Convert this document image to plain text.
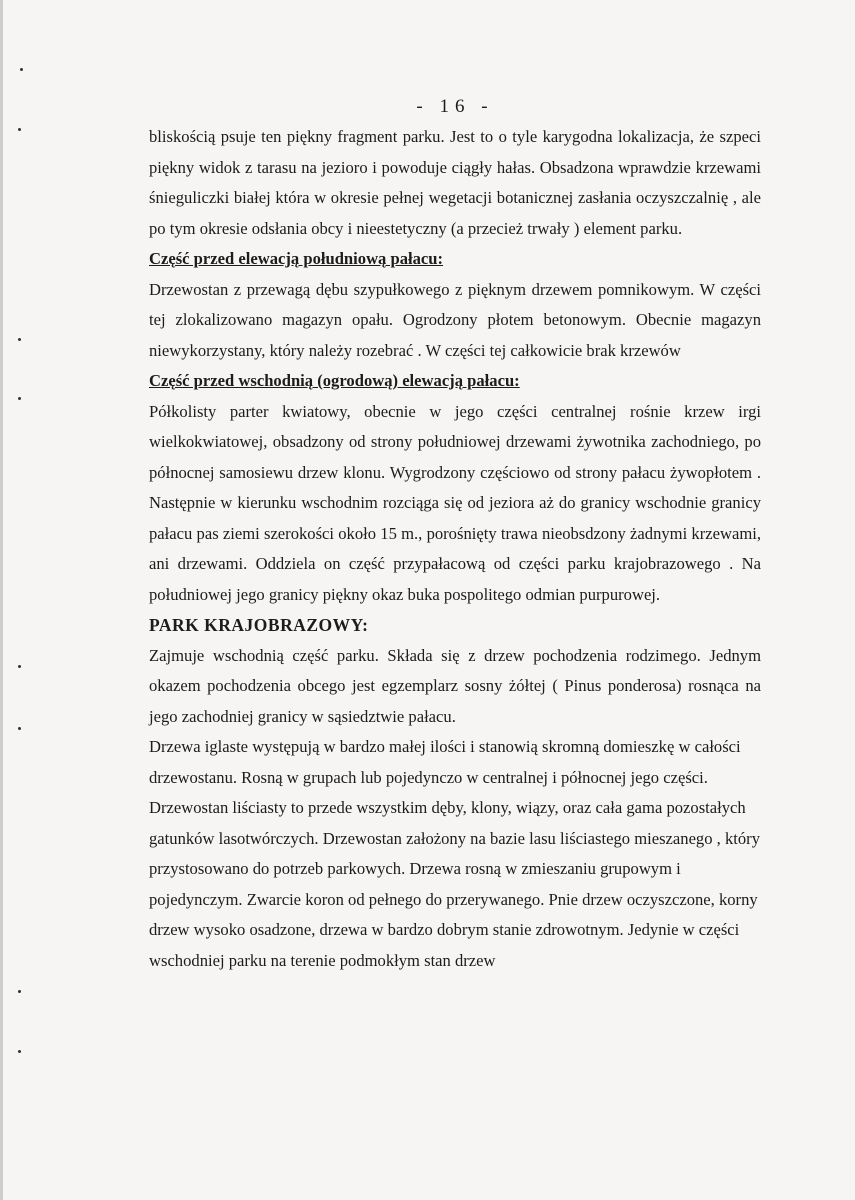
- 16 -

bliskością psuje ten piękny fragment parku. Jest to o tyle karygodna lokalizacja, że szpeci piękny widok z tarasu na jezioro i powoduje ciągły hałas. Obsadzona wprawdzie krzewami śnieguliczki białej która w okresie pełnej wegetacji botanicznej zasłania oczyszczalnię , ale po tym okresie odsłania obcy i nieestetyczny (a przecież trwały ) element parku.

Część przed elewacją południową pałacu:

Drzewostan z przewagą dębu szypułkowego z pięknym drzewem pomnikowym. W części tej zlokalizowano magazyn opału. Ogrodzony płotem betonowym. Obecnie magazyn niewykorzystany, który należy rozebrać . W części tej całkowicie brak krzewów

Część przed wschodnią (ogrodową) elewacją pałacu:

Półkolisty parter kwiatowy, obecnie w jego części centralnej rośnie krzew irgi wielkokwiatowej, obsadzony od strony południowej drzewami żywotnika zachodniego, po północnej samosiewu drzew klonu. Wygrodzony częściowo od strony pałacu żywopłotem . Następnie w kierunku wschodnim rozciąga się od jeziora aż do granicy wschodnie granicy pałacu pas ziemi szerokości około 15 m., porośnięty trawa nieobsdzony żadnymi krzewami, ani drzewami. Oddziela on część przypałacową od części parku krajobrazowego . Na południowej jego granicy piękny okaz buka pospolitego odmian purpurowej.

PARK KRAJOBRAZOWY:

Zajmuje wschodnią część parku. Składa się z drzew pochodzenia rodzimego. Jednym okazem pochodzenia obcego jest egzemplarz sosny żółtej ( Pinus ponderosa) rosnąca na jego zachodniej granicy w sąsiedztwie pałacu.

Drzewa iglaste występują w bardzo małej ilości i stanowią skromną domieszkę w całości drzewostanu. Rosną w grupach lub pojedynczo w centralnej i północnej jego części. Drzewostan liściasty to przede wszystkim dęby, klony, wiązy, oraz cała gama pozostałych gatunków lasotwórczych. Drzewostan założony na bazie lasu liściastego mieszanego , który przystosowano do potrzeb parkowych. Drzewa rosną w zmieszaniu grupowym i pojedynczym. Zwarcie koron od pełnego do przerywanego. Pnie drzew oczyszczone, korny drzew wysoko osadzone, drzewa w bardzo dobrym stanie zdrowotnym. Jedynie w części wschodniej parku na terenie podmokłym stan drzew
